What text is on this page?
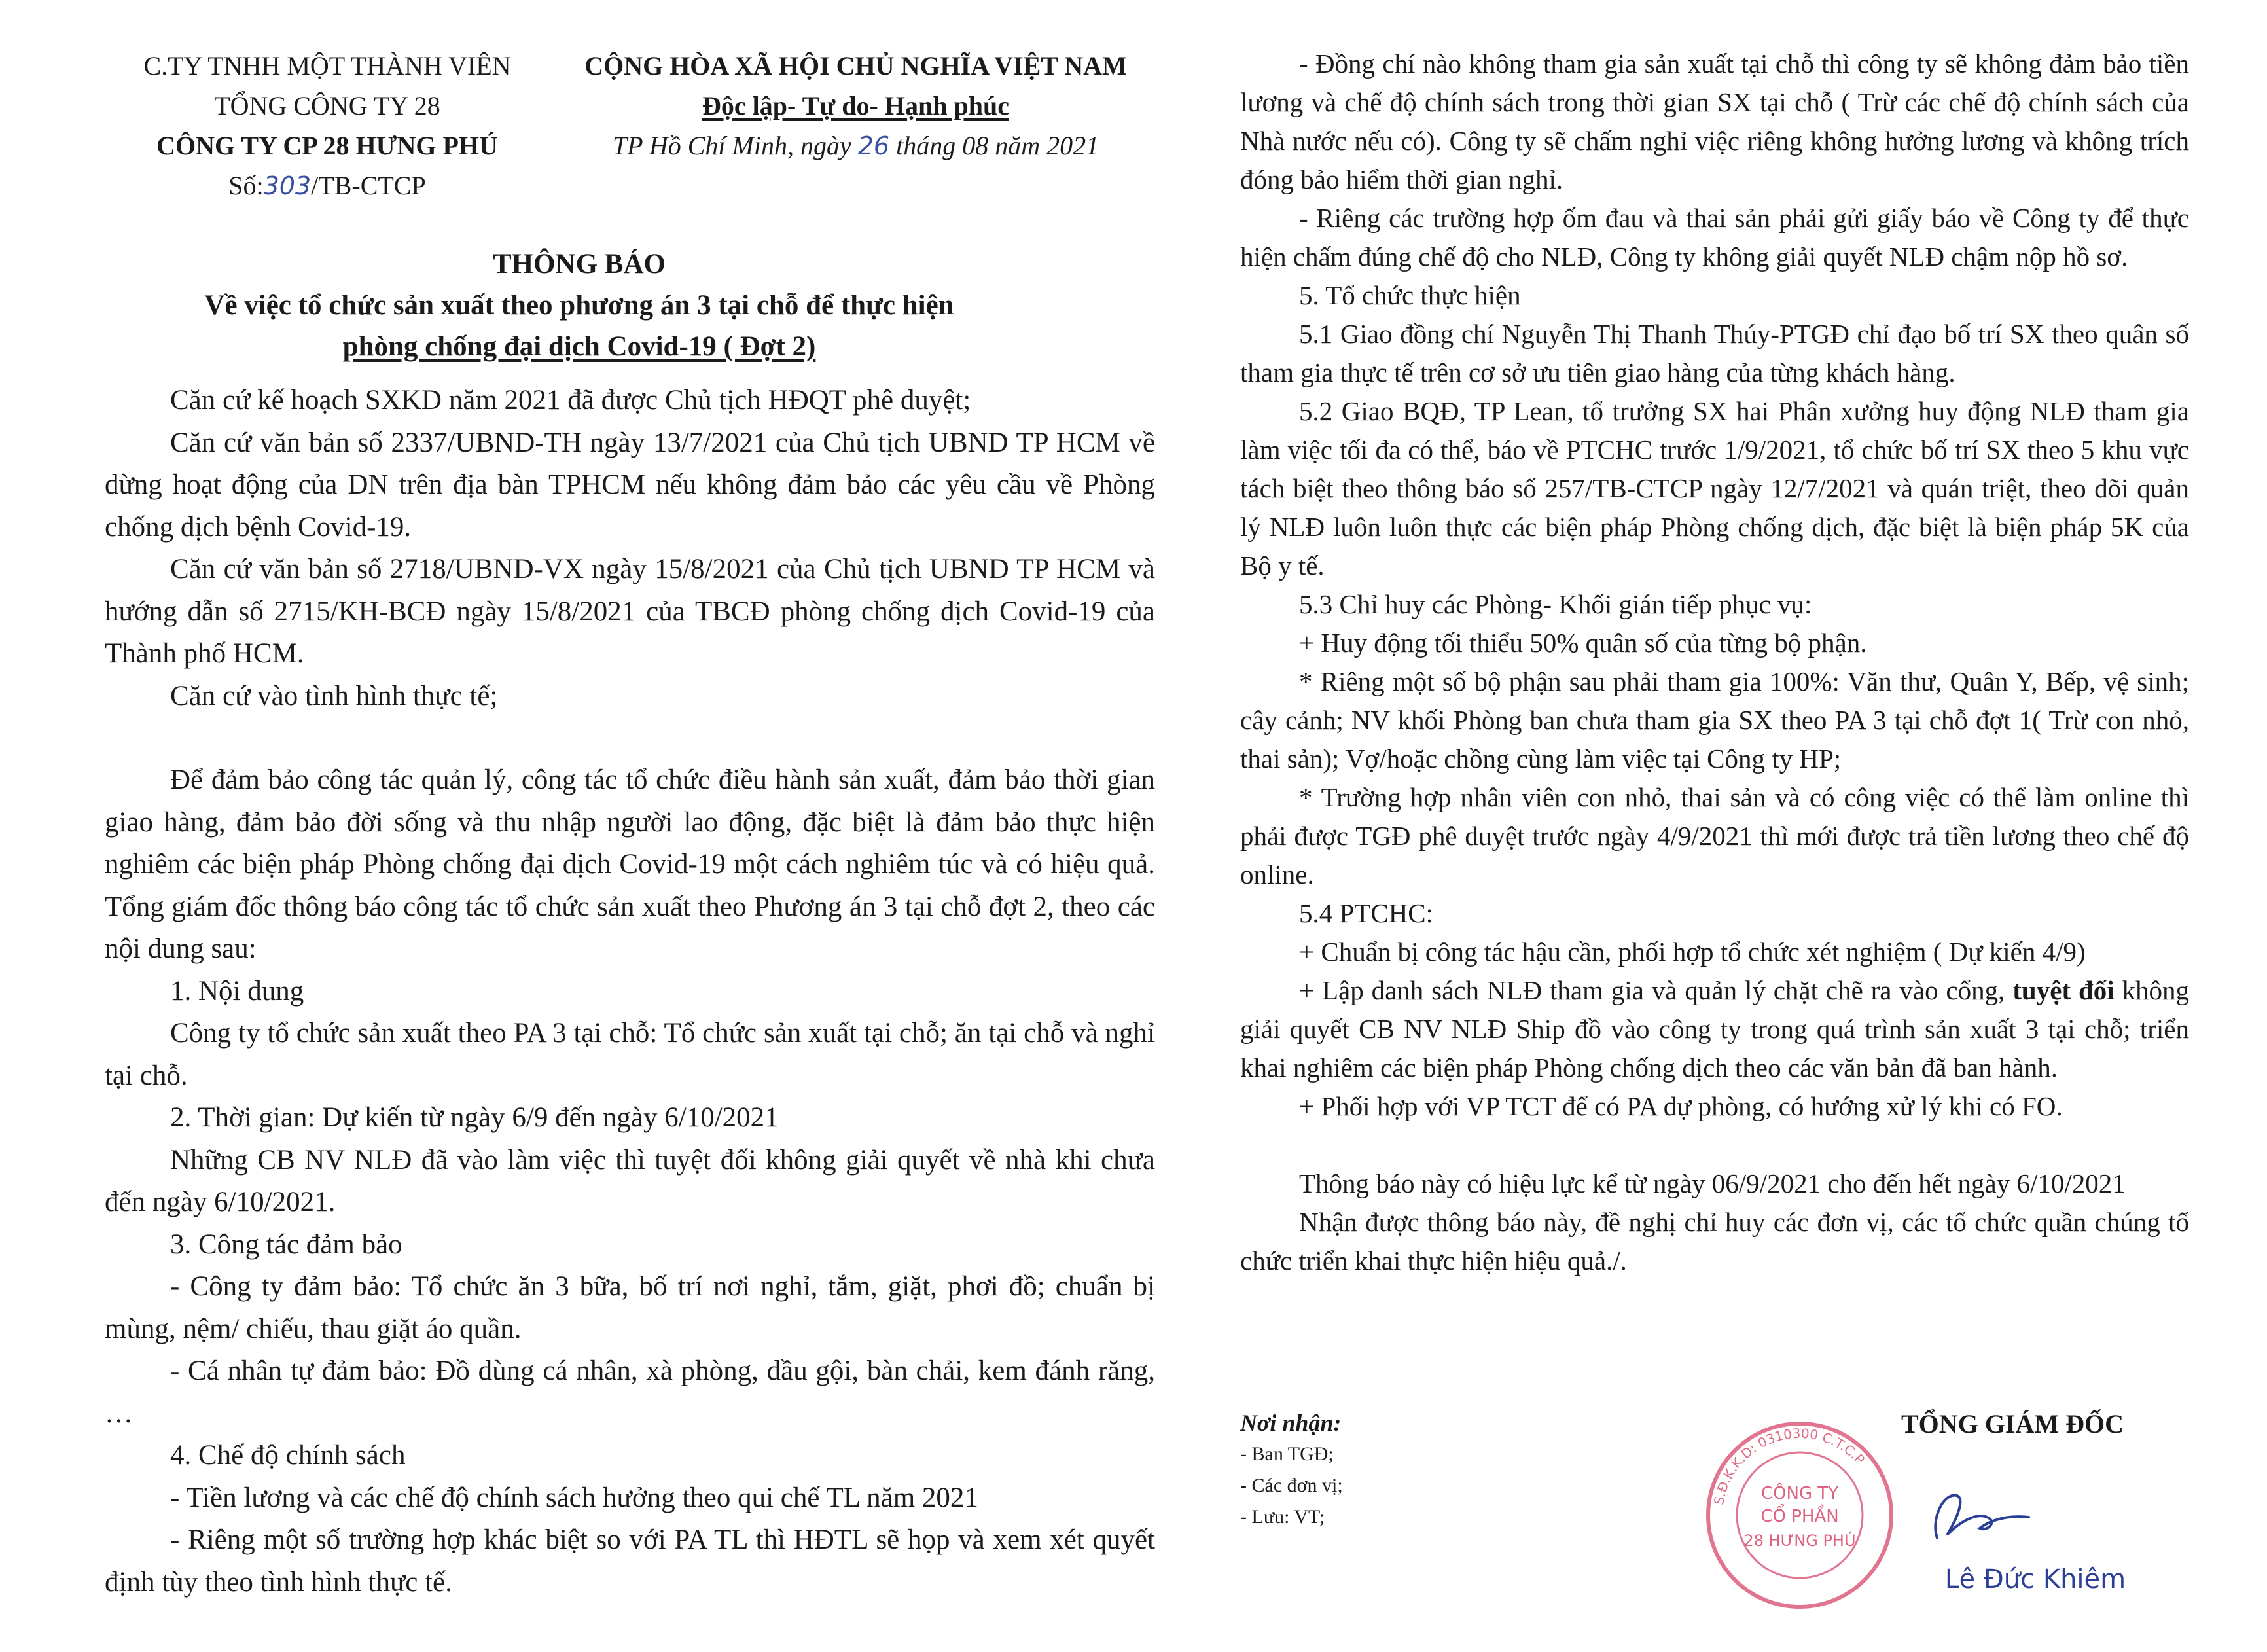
C.TY TNHH MỘT THÀNH VIÊN
TỔNG CÔNG TY 28
CÔNG TY CP 28 HƯNG PHÚ
Số:303/TB-CTCP
CỘNG HÒA XÃ HỘI CHỦ NGHĨA VIỆT NAM
Độc lập- Tự do- Hạnh phúc
TP Hồ Chí Minh, ngày 26 tháng 08 năm 2021
THÔNG BÁO
Về việc tổ chức sản xuất theo phương án 3 tại chỗ để thực hiện
phòng chống đại dịch Covid-19 ( Đợt 2)

Căn cứ kế hoạch SXKD năm 2021 đã được Chủ tịch HĐQT phê duyệt;

Căn cứ văn bản số 2337/UBND-TH ngày 13/7/2021 của Chủ tịch UBND TP HCM về dừng hoạt động của DN trên địa bàn TPHCM nếu không đảm bảo các yêu cầu về Phòng chống dịch bệnh Covid-19.

Căn cứ văn bản số 2718/UBND-VX ngày 15/8/2021 của Chủ tịch UBND TP HCM và hướng dẫn số 2715/KH-BCĐ ngày 15/8/2021 của TBCĐ phòng chống dịch Covid-19 của Thành phố HCM.

Căn cứ vào tình hình thực tế;

Để đảm bảo công tác quản lý, công tác tổ chức điều hành sản xuất, đảm bảo thời gian giao hàng, đảm bảo đời sống và thu nhập người lao động, đặc biệt là đảm bảo thực hiện nghiêm các biện pháp Phòng chống đại dịch Covid-19 một cách nghiêm túc và có hiệu quả. Tổng giám đốc thông báo công tác tổ chức sản xuất theo Phương án 3 tại chỗ đợt 2, theo các nội dung sau:

1. Nội dung

Công ty tổ chức sản xuất theo PA 3 tại chỗ: Tổ chức sản xuất tại chỗ; ăn tại chỗ và nghỉ tại chỗ.

2. Thời gian: Dự kiến từ ngày 6/9 đến ngày 6/10/2021

Những CB NV NLĐ đã vào làm việc thì tuyệt đối không giải quyết về nhà khi chưa đến ngày 6/10/2021.

3. Công tác đảm bảo

- Công ty đảm bảo: Tổ chức ăn 3 bữa, bố trí nơi nghỉ, tắm, giặt, phơi đồ; chuẩn bị mùng, nệm/ chiếu, thau giặt áo quần.

- Cá nhân tự đảm bảo: Đồ dùng cá nhân, xà phòng, dầu gội, bàn chải, kem đánh răng, …

4. Chế độ chính sách

- Tiền lương và các chế độ chính sách hưởng theo qui chế TL năm 2021

- Riêng một số trường hợp khác biệt so với PA TL thì HĐTL sẽ họp và xem xét quyết định tùy theo tình hình thực tế.

- Đồng chí nào không tham gia sản xuất tại chỗ thì công ty sẽ không đảm bảo tiền lương và chế độ chính sách trong thời gian SX tại chỗ ( Trừ các chế độ chính sách của Nhà nước nếu có). Công ty sẽ chấm nghỉ việc riêng không hưởng lương và không trích đóng bảo hiểm thời gian nghỉ.

- Riêng các trường hợp ốm đau và thai sản phải gửi giấy báo về Công ty để thực hiện chấm đúng chế độ cho NLĐ, Công ty không giải quyết NLĐ chậm nộp hồ sơ.

5. Tổ chức thực hiện

5.1 Giao đồng chí Nguyễn Thị Thanh Thúy-PTGĐ chỉ đạo bố trí SX theo quân số tham gia thực tế trên cơ sở ưu tiên giao hàng của từng khách hàng.

5.2 Giao BQĐ, TP Lean, tổ trưởng SX hai Phân xưởng huy động NLĐ tham gia làm việc tối đa có thể, báo về PTCHC trước 1/9/2021, tổ chức bố trí SX theo 5 khu vực tách biệt theo thông báo số 257/TB-CTCP ngày 12/7/2021 và quán triệt, theo dõi quản lý NLĐ luôn luôn thực các biện pháp Phòng chống dịch, đặc biệt là biện pháp 5K của Bộ y tế.

5.3 Chỉ huy các Phòng- Khối gián tiếp phục vụ:

+ Huy động tối thiểu 50% quân số của từng bộ phận.

* Riêng một số bộ phận sau phải tham gia 100%: Văn thư, Quân Y, Bếp, vệ sinh; cây cảnh; NV khối Phòng ban chưa tham gia SX theo PA 3 tại chỗ đợt 1( Trừ con nhỏ, thai sản); Vợ/hoặc chồng cùng làm việc tại Công ty HP;

* Trường hợp nhân viên con nhỏ, thai sản và có công việc có thể làm online thì phải được TGĐ phê duyệt trước ngày 4/9/2021 thì mới được trả tiền lương theo chế độ online.

5.4 PTCHC:

+ Chuẩn bị công tác hậu cần, phối hợp tổ chức xét nghiệm ( Dự kiến 4/9)

+ Lập danh sách NLĐ tham gia và quản lý chặt chẽ ra vào cổng, tuyệt đối không giải quyết CB NV NLĐ Ship đồ vào công ty trong quá trình sản xuất 3 tại chỗ; triển khai nghiêm các biện pháp Phòng chống dịch theo các văn bản đã ban hành.

+ Phối hợp với VP TCT để có PA dự phòng, có hướng xử lý khi có FO.

Thông báo này có hiệu lực kể từ ngày 06/9/2021 cho đến hết ngày 6/10/2021

Nhận được thông báo này, đề nghị chỉ huy các đơn vị, các tổ chức quần chúng tổ chức triển khai thực hiện hiệu quả./.

Nơi nhận:
- Ban TGĐ;
- Các đơn vị;
- Lưu: VT;
S.Đ.K.K.D: 0310300 C.T.C.P
CÔNG TY
CỔ PHẦN
28 HƯNG PHÚ
TỔNG GIÁM ĐỐC
Lê Đức Khiêm
